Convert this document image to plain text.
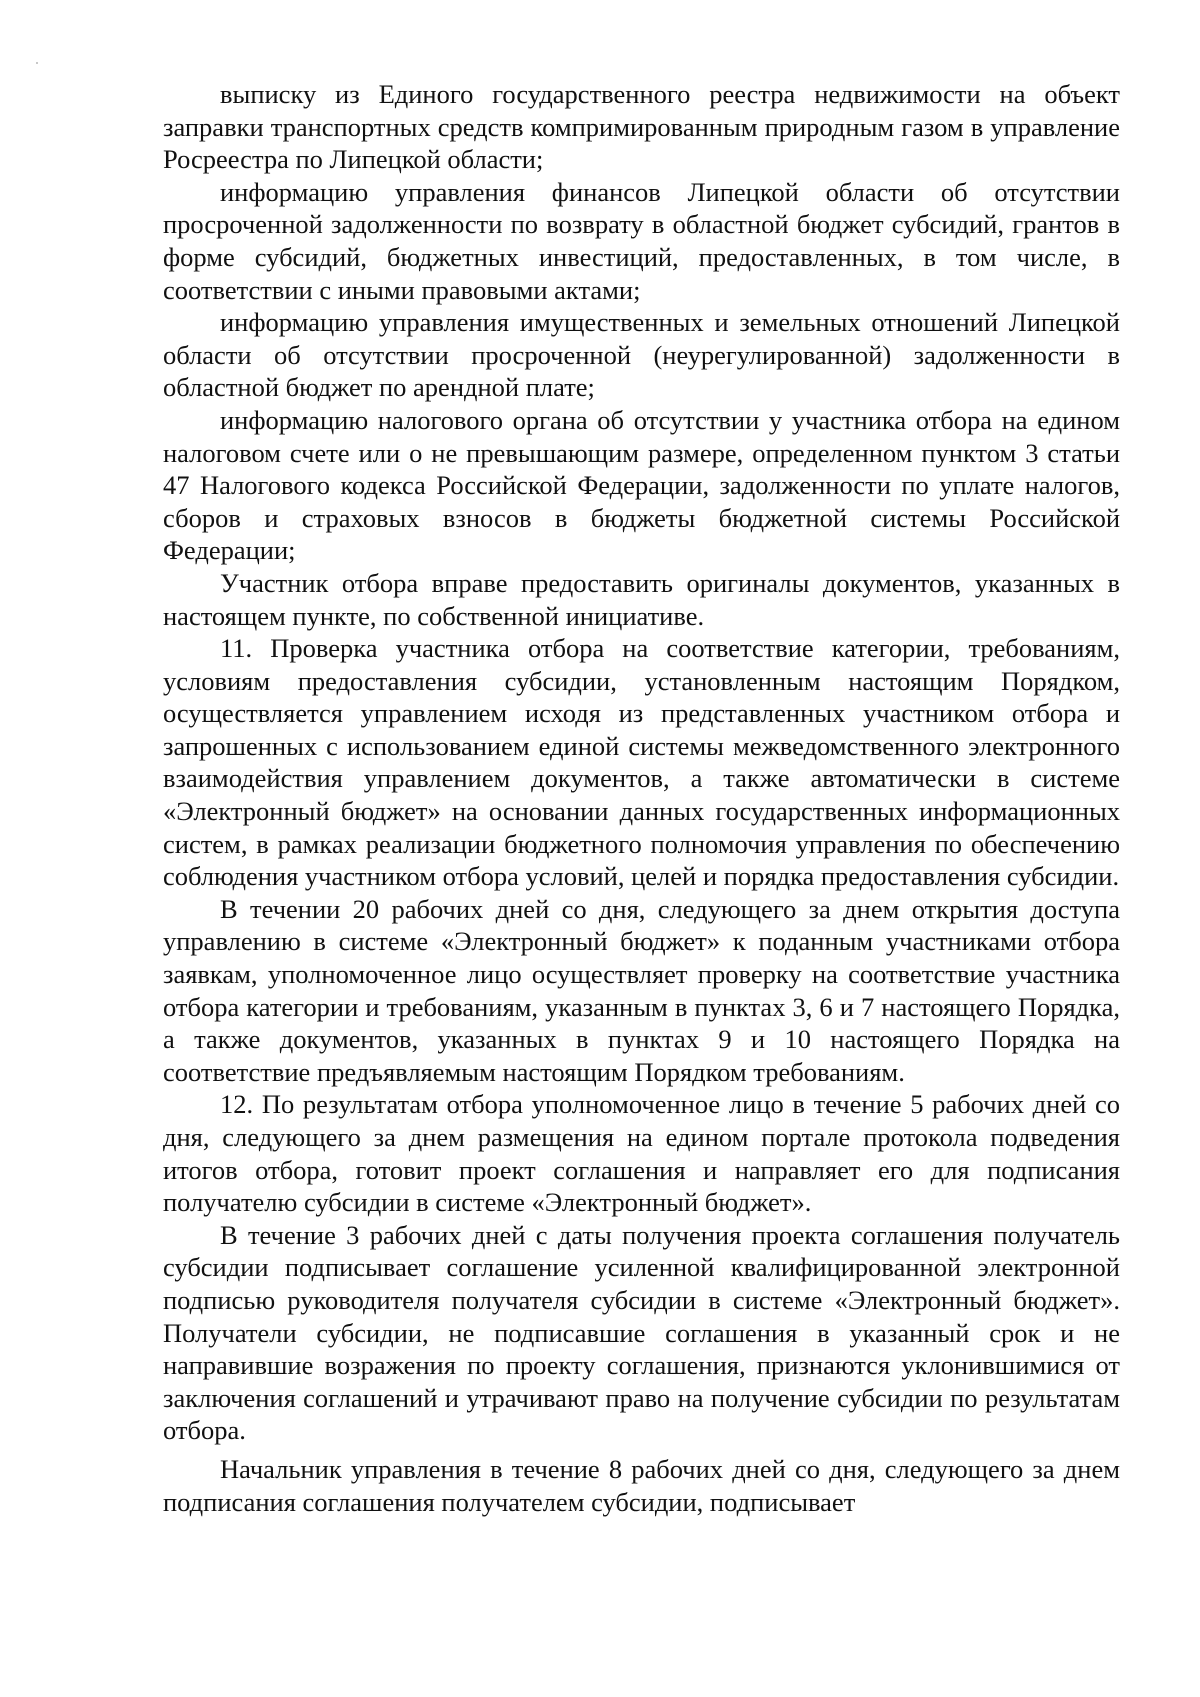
выписку из Единого государственного реестра недвижимости на объект заправки транспортных средств компримированным природным газом в управление Росреестра по Липецкой области;

информацию управления финансов Липецкой области об отсутствии просроченной задолженности по возврату в областной бюджет субсидий, грантов в форме субсидий, бюджетных инвестиций, предоставленных, в том числе, в соответствии с иными правовыми актами;

информацию управления имущественных и земельных отношений Липецкой области об отсутствии просроченной (неурегулированной) задолженности в областной бюджет по арендной плате;

информацию налогового органа об отсутствии у участника отбора на едином налоговом счете или о не превышающим размере, определенном пунктом 3 статьи 47 Налогового кодекса Российской Федерации, задолженности по уплате налогов, сборов и страховых взносов в бюджеты бюджетной системы Российской Федерации;

Участник отбора вправе предоставить оригиналы документов, указанных в настоящем пункте, по собственной инициативе.

11. Проверка участника отбора на соответствие категории, требованиям, условиям предоставления субсидии, установленным настоящим Порядком, осуществляется управлением исходя из представленных участником отбора и запрошенных с использованием единой системы межведомственного электронного взаимодействия управлением документов, а также автоматически в системе «Электронный бюджет» на основании данных государственных информационных систем, в рамках реализации бюджетного полномочия управления по обеспечению соблюдения участником отбора условий, целей и порядка предоставления субсидии.

В течении 20 рабочих дней со дня, следующего за днем открытия доступа управлению в системе «Электронный бюджет» к поданным участниками отбора заявкам, уполномоченное лицо осуществляет проверку на соответствие участника отбора категории и требованиям, указанным в пунктах 3, 6 и 7 настоящего Порядка, а также документов, указанных в пунктах 9 и 10 настоящего Порядка на соответствие предъявляемым настоящим Порядком требованиям.

12. По результатам отбора уполномоченное лицо в течение 5 рабочих дней со дня, следующего за днем размещения на едином портале протокола подведения итогов отбора, готовит проект соглашения и направляет его для подписания получателю субсидии в системе «Электронный бюджет».

В течение 3 рабочих дней с даты получения проекта соглашения получатель субсидии подписывает соглашение усиленной квалифицированной электронной подписью руководителя получателя субсидии в системе «Электронный бюджет». Получатели субсидии, не подписавшие соглашения в указанный срок и не направившие возражения по проекту соглашения, признаются уклонившимися от заключения соглашений и утрачивают право на получение субсидии по результатам отбора.

Начальник управления в течение 8 рабочих дней со дня, следующего за днем подписания соглашения получателем субсидии, подписывает
